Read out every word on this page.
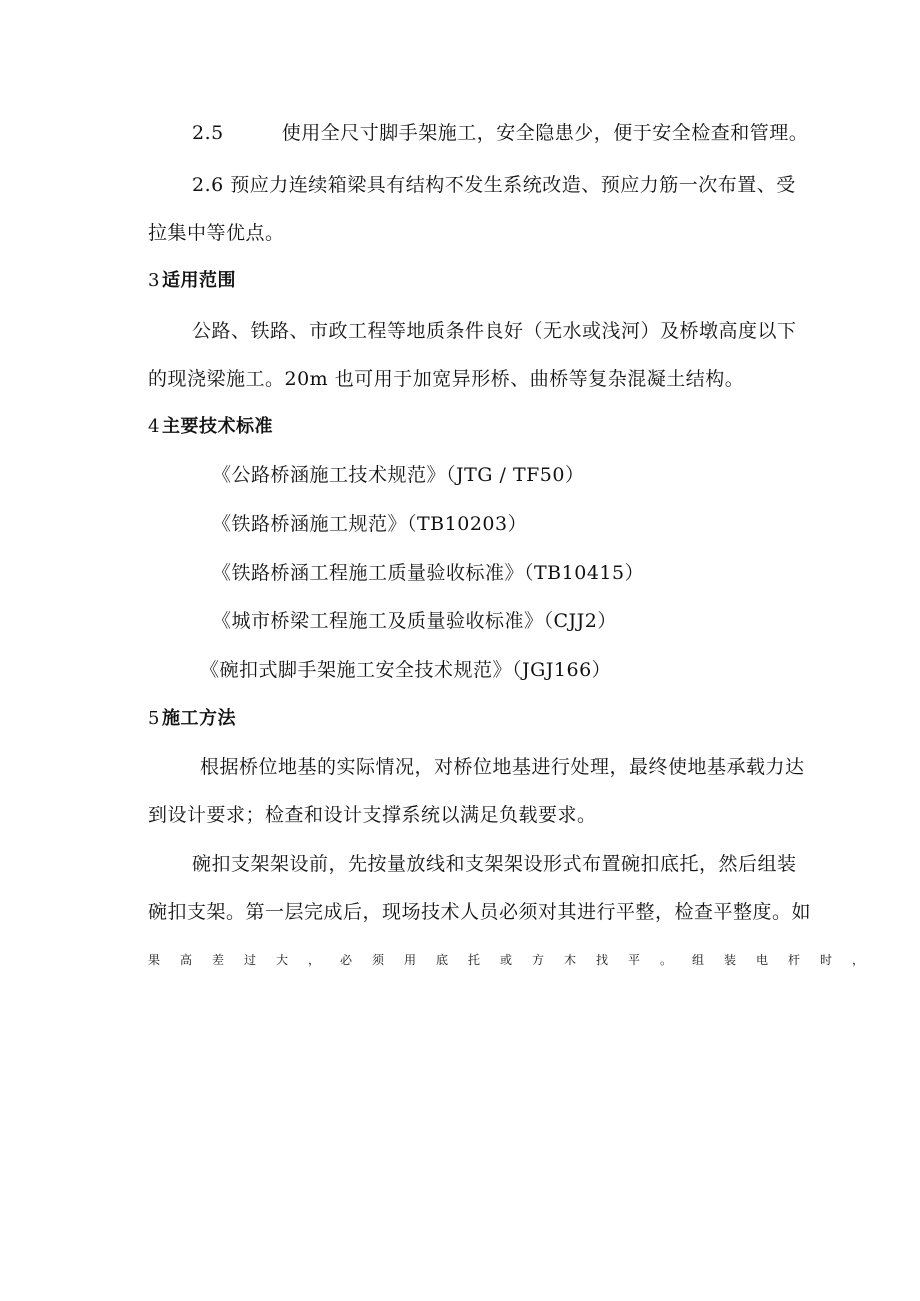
2.5	使用全尺寸脚手架施工，安全隐患少，便于安全检查和管理。
2.6 预应力连续箱梁具有结构不发生系统改造、预应力筋一次布置、受
拉集中等优点。
3 适用范围
公路、铁路、市政工程等地质条件良好（无水或浅河）及桥墩高度以下
的现浇梁施工。20m 也可用于加宽异形桥、曲桥等复杂混凝土结构。
4 主要技术标准
《公路桥涵施工技术规范》（JTG / TF50）
《铁路桥涵施工规范》（TB10203）
《铁路桥涵工程施工质量验收标准》（TB10415）
《城市桥梁工程施工及质量验收标准》（CJJ2）
《碗扣式脚手架施工安全技术规范》（JGJ166）
5 施工方法
根据桥位地基的实际情况，对桥位地基进行处理，最终使地基承载力达
到设计要求；检查和设计支撑系统以满足负载要求。
碗扣支架架设前，先按量放线和支架架设形式布置碗扣底托，然后组装
碗扣支架。第一层完成后，现场技术人员必须对其进行平整，检查平整度。如
果高差过大，必须用底托或方木找平。组装电杆时，
